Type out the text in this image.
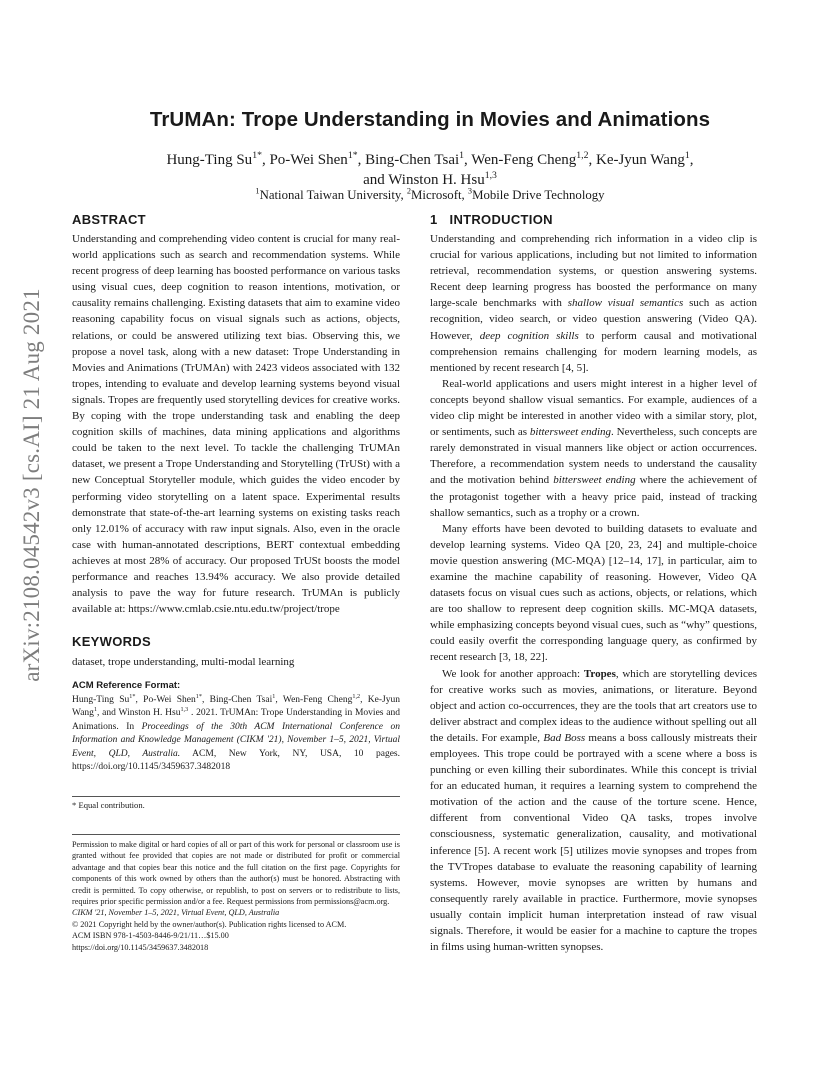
arXiv:2108.04542v3 [cs.AI] 21 Aug 2021
TrUMAn: Trope Understanding in Movies and Animations
Hung-Ting $Su^{1*}$, Po-Wei Shen$^{1*}$, Bing-Chen Tsai$^1$, Wen-Feng Cheng$^{1,2}$, Ke-Jyun Wang$^1$,
and Winston H. Hsu$^{1,3}$
$^1$National Taiwan University, $^2$Microsoft, $^3$Mobile Drive Technology
ABSTRACT

Understanding and comprehending video content is crucial for many real-world applications such as search and recommendation systems. While recent progress of deep learning has boosted performance on various tasks using visual cues, deep cognition to reason intentions, motivation, or causality remains challenging. Existing datasets that aim to examine video reasoning capability focus on visual signals such as actions, objects, relations, or could be answered utilizing text bias. Observing this, we propose a novel task, along with a new dataset: Trope Understanding in Movies and Animations (TrUMAn) with 2423 videos associated with 132 tropes, intending to evaluate and develop learning systems beyond visual signals. Tropes are frequently used storytelling devices for creative works. By coping with the trope understanding task and enabling the deep cognition skills of machines, data mining applications and algorithms could be taken to the next level. To tackle the challenging TrUMAn dataset, we present a Trope Understanding and Storytelling (TrUSt) with a new Conceptual Storyteller module, which guides the video encoder by performing video storytelling on a latent space. Experimental results demonstrate that state-of-the-art learning systems on existing tasks reach only 12.01% of accuracy with raw input signals. Also, even in the oracle case with human-annotated descriptions, BERT contextual embedding achieves at most 28% of accuracy. Our proposed TrUSt boosts the model performance and reaches 13.94% accuracy. We also provide detailed analysis to pave the way for future research. TrUMAn is publicly available at: https://www.cmlab.csie.ntu.edu.tw/project/trope

KEYWORDS

dataset, trope understanding, multi-modal learning

ACM Reference Format:
Hung-Ting $Su^{1*}$, Po-Wei Shen$^{1*}$, Bing-Chen Tsai$^1$, Wen-Feng Cheng$^{1,2}$, Ke-Jyun Wang$^1$, and Winston H. Hsu$^{1,3}$ . 2021. TrUMAn: Trope Understanding in Movies and Animations. In Proceedings of the 30th ACM International Conference on Information and Knowledge Management (CIKM '21), November 1–5, 2021, Virtual Event, QLD, Australia. ACM, New York, NY, USA, 10 pages. https://doi.org/10.1145/3459637.3482018
* Equal contribution.
Permission to make digital or hard copies of all or part of this work for personal or classroom use is granted without fee provided that copies are not made or distributed for profit or commercial advantage and that copies bear this notice and the full citation on the first page. Copyrights for components of this work owned by others than the author(s) must be honored. Abstracting with credit is permitted. To copy otherwise, or republish, to post on servers or to redistribute to lists, requires prior specific permission and/or a fee. Request permissions from permissions@acm.org.
CIKM '21, November 1–5, 2021, Virtual Event, QLD, Australia
© 2021 Copyright held by the owner/author(s). Publication rights licensed to ACM.
ACM ISBN 978-1-4503-8446-9/21/11…$15.00
https://doi.org/10.1145/3459637.3482018
1 INTRODUCTION

Understanding and comprehending rich information in a video clip is crucial for various applications, including but not limited to information retrieval, recommendation systems, or question answering systems. Recent deep learning progress has boosted the performance on many large-scale benchmarks with shallow visual semantics such as action recognition, video search, or video question answering (Video QA). However, deep cognition skills to perform causal and motivational comprehension remains challenging for modern learning models, as mentioned by recent research [4, 5].

Real-world applications and users might interest in a higher level of concepts beyond shallow visual semantics. For example, audiences of a video clip might be interested in another video with a similar story, plot, or sentiments, such as bittersweet ending. Nevertheless, such concepts are rarely demonstrated in visual manners like object or action occurrences. Therefore, a recommendation system needs to understand the causality and the motivation behind bittersweet ending where the achievement of the protagonist together with a heavy price paid, instead of tracking shallow semantics, such as a trophy or a crown.

Many efforts have been devoted to building datasets to evaluate and develop learning systems. Video QA [20, 23, 24] and multiple-choice movie question answering (MC-MQA) [12–14, 17], in particular, aim to examine the machine capability of reasoning. However, Video QA datasets focus on visual cues such as actions, objects, or relations, which are too shallow to represent deep cognition skills. MC-MQA datasets, while emphasizing concepts beyond visual cues, such as “why” questions, could easily overfit the corresponding language query, as confirmed by recent research [3, 18, 22].

We look for another approach: Tropes, which are storytelling devices for creative works such as movies, animations, or literature. Beyond object and action co-occurrences, they are the tools that art creators use to deliver abstract and complex ideas to the audience without spelling out all the details. For example, Bad Boss means a boss callously mistreats their employees. This trope could be portrayed with a scene where a boss is punching or even killing their subordinates. While this concept is trivial for an educated human, it requires a learning system to comprehend the motivation of the action and the cause of the torture scene. Hence, different from conventional Video QA tasks, tropes involve consciousness, systematic generalization, causality, and motivational inference [5]. A recent work [5] utilizes movie synopses and tropes from the TVTropes database to evaluate the reasoning capability of learning systems. However, movie synopses are written by humans and consequently rarely available in practice. Furthermore, movie synopses usually contain implicit human interpretation instead of raw visual signals. Therefore, it would be easier for a machine to capture the tropes in films using human-written synopses.
